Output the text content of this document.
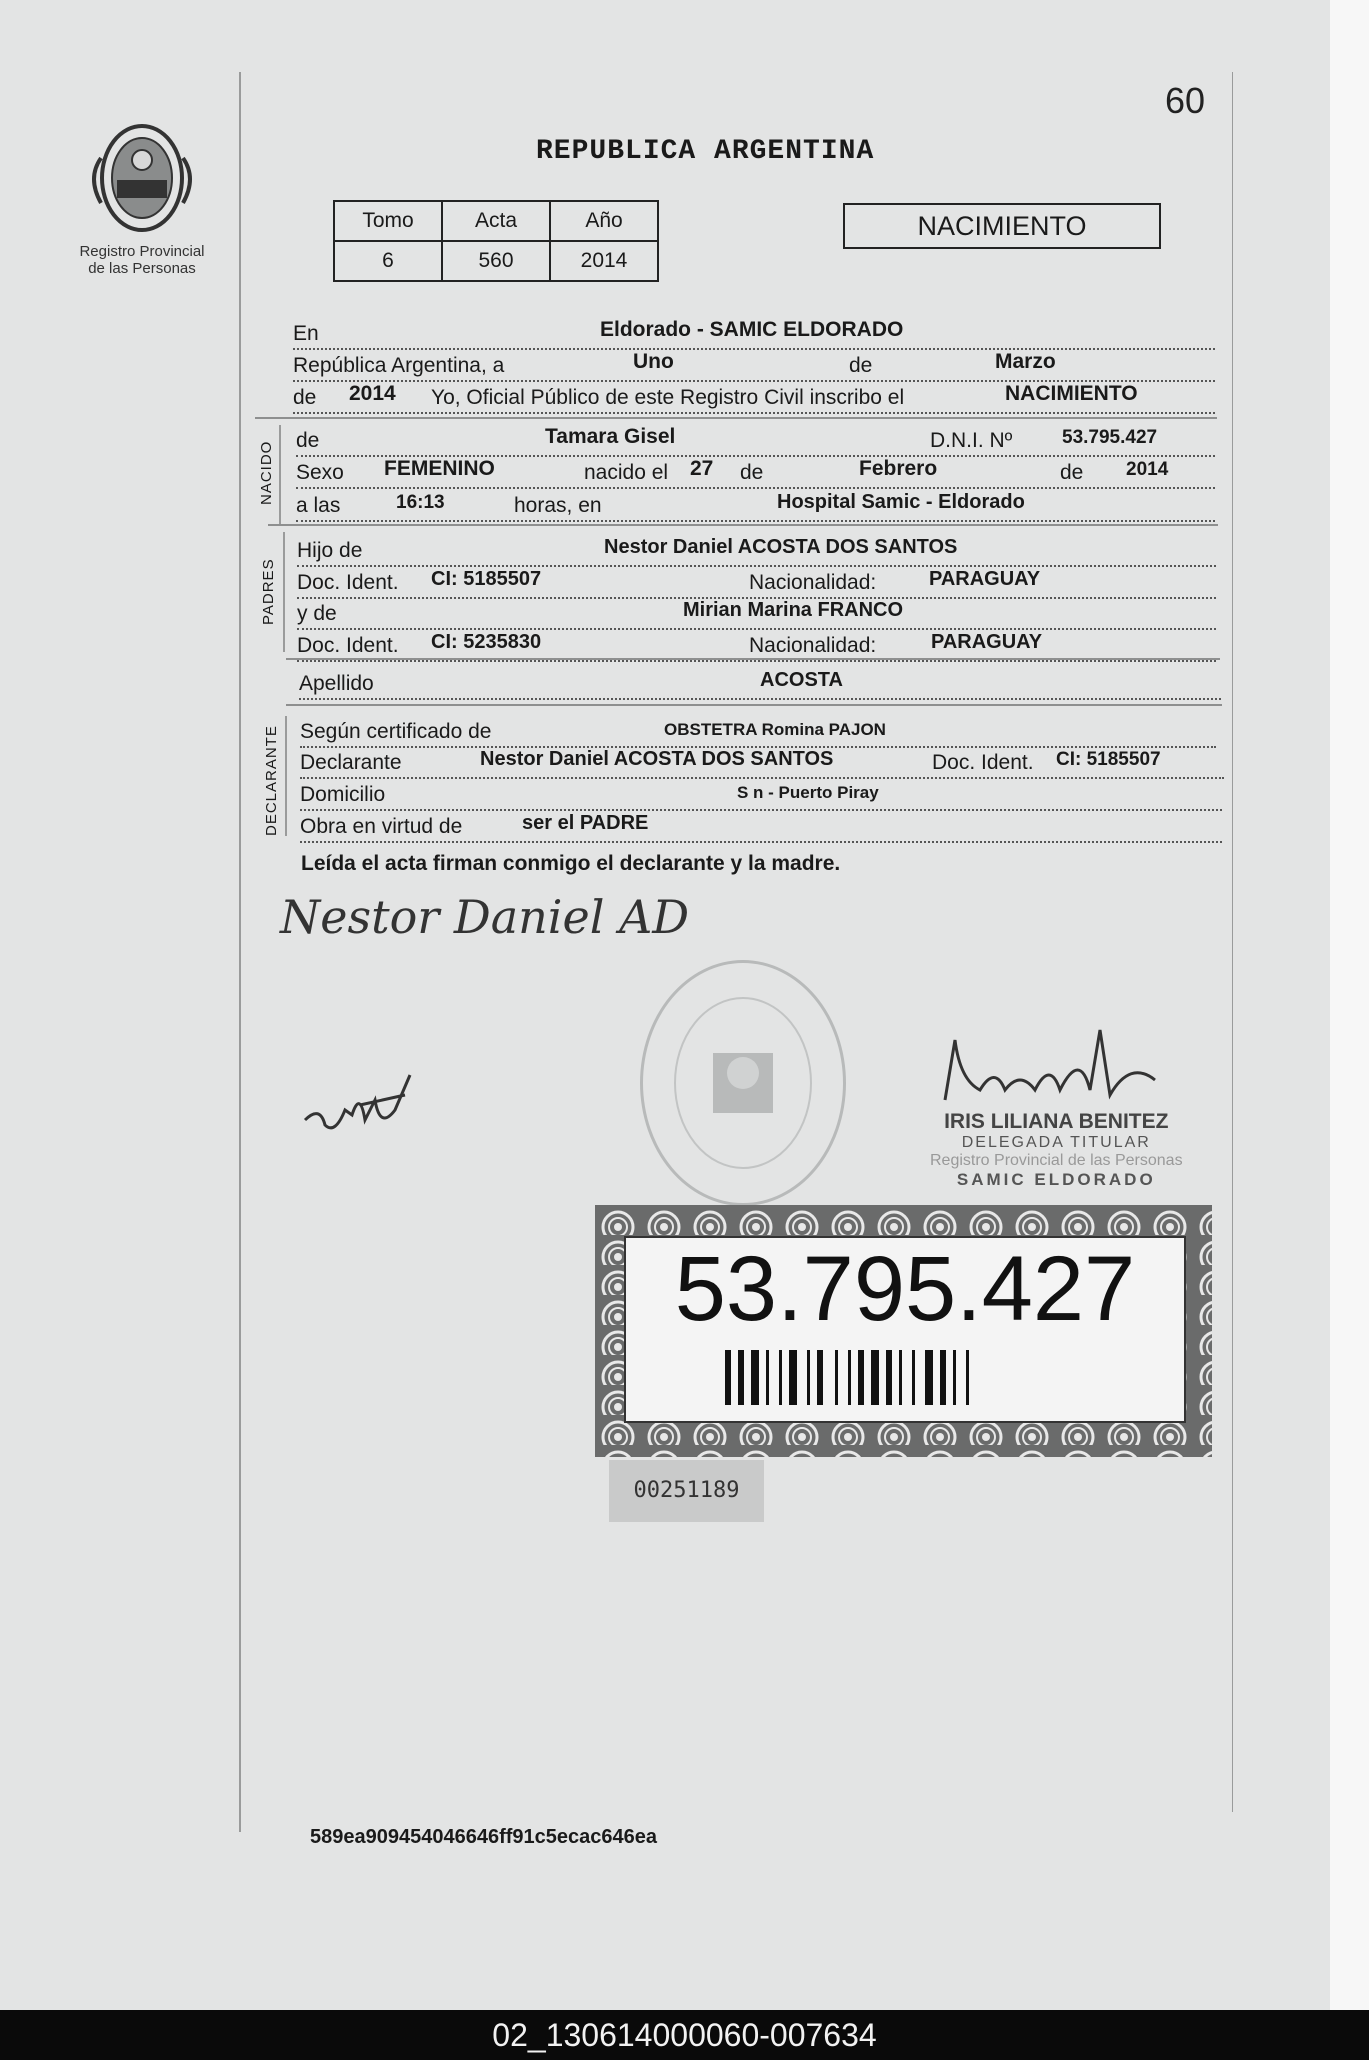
60
Registro Provincial
de las Personas
REPUBLICA ARGENTINA
Tomo	Acta	Año
6	560	2014
NACIMIENTO
En	Eldorado - SAMIC ELDORADO
República Argentina, a	Uno	de	Marzo
de 2014 Yo, Oficial Público de este Registro Civil inscribo el	NACIMIENTO
NACIDO
de	Tamara Gisel	D.N.I. Nº	53.795.427
Sexo FEMENINO	nacido el 27 de	Febrero	de 2014
a las	16:13	horas, en	Hospital Samic - Eldorado
PADRES
Hijo de	Nestor Daniel ACOSTA DOS SANTOS
Doc. Ident. CI: 5185507	Nacionalidad:	PARAGUAY
y de	Mirian Marina FRANCO
Doc. Ident. CI: 5235830	Nacionalidad:	PARAGUAY
Apellido	ACOSTA
DECLARANTE Según certificado de	OBSTETRA Romina PAJON
Declarante	Nestor Daniel ACOSTA DOS SANTOS	Doc. Ident. CI: 5185507
Domicilio	S n - Puerto Piray
Obra en virtud de	ser el PADRE
Leída el acta firman conmigo el declarante y la madre.
Nestor Daniel AD
IRIS LILIANA BENITEZ
DELEGADA TITULAR
Registro Provincial de las Personas
SAMIC ELDORADO
53.795.427
00251189
589ea909454046646ff91c5ecac646ea
02_130614000060-007634
